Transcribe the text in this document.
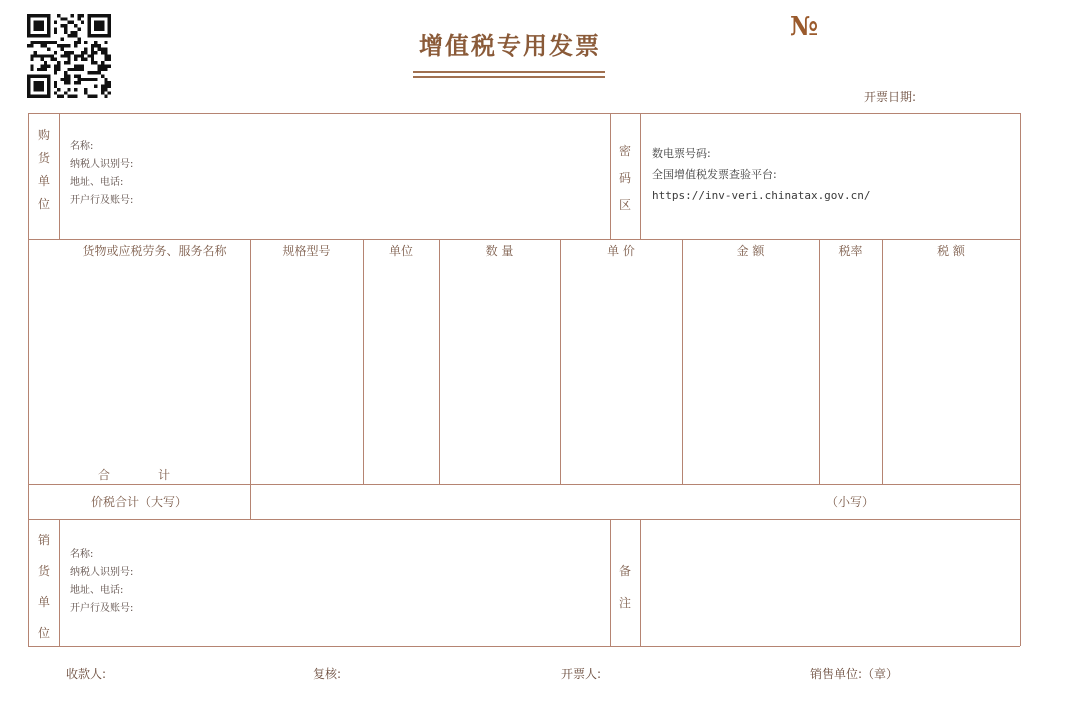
增值税专用发票
№
开票日期:
购
货
单
位
名称:
纳税人识别号:
地址、电话:
开户行及账号:
密
码
区
数电票号码:
全国增值税发票查验平台:
https://inv-veri.chinatax.gov.cn/
货物或应税劳务、服务名称	规格型号	单位	数 量	单 价	金 额	税率	税 额
合　　　　计
价税合计（大写）	（小写）
销
货
单
位
名称:
纳税人识别号:
地址、电话:
开户行及账号:
备
注
收款人:	复核:	开票人:	销售单位:（章）
